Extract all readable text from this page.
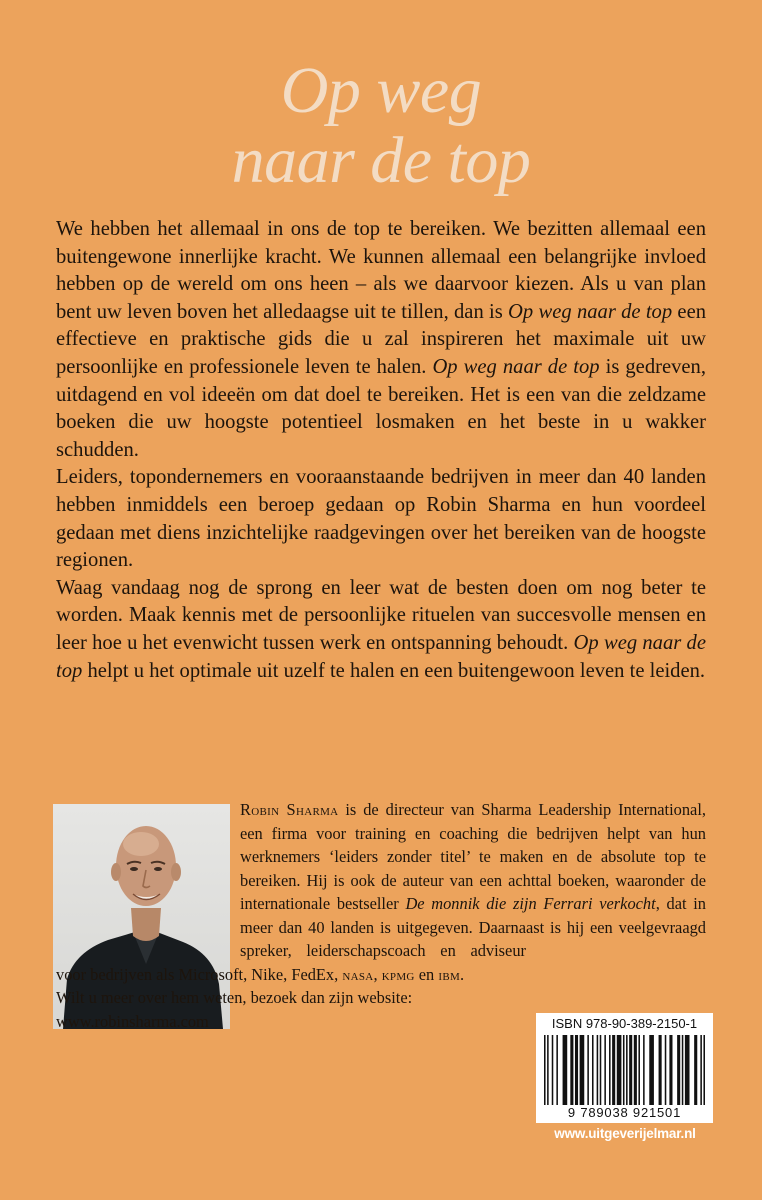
Op weg
naar de top

We hebben het allemaal in ons de top te bereiken. We bezitten allemaal een buitengewone innerlijke kracht. We kunnen allemaal een belangrijke invloed hebben op de wereld om ons heen – als we daarvoor kiezen. Als u van plan bent uw leven boven het alledaagse uit te tillen, dan is Op weg naar de top een effectieve en praktische gids die u zal inspireren het maximale uit uw persoonlijke en professionele leven te halen. Op weg naar de top is gedreven, uitdagend en vol ideeën om dat doel te bereiken. Het is een van die zeldzame boeken die uw hoogste potentieel losmaken en het beste in u wakker schudden.

Leiders, topondernemers en vooraanstaande bedrijven in meer dan 40 landen hebben inmiddels een beroep gedaan op Robin Sharma en hun voordeel gedaan met diens inzichtelijke raadgevingen over het bereiken van de hoogste regionen.

Waag vandaag nog de sprong en leer wat de besten doen om nog beter te worden. Maak kennis met de persoonlijke rituelen van succesvolle mensen en leer hoe u het evenwicht tussen werk en ontspanning behoudt. Op weg naar de top helpt u het optimale uit uzelf te halen en een buitengewoon leven te leiden.

Robin Sharma is de directeur van Sharma Leadership International, een firma voor training en coaching die bedrijven helpt van hun werknemers ‘leiders zonder titel’ te maken en de absolute top te bereiken. Hij is ook de auteur van een achttal boeken, waaronder de internationale bestseller De monnik die zijn Ferrari verkocht, dat in meer dan 40 landen is uitgegeven. Daarnaast is hij een veelgevraagd spreker, leiderschapscoach en adviseur voor bedrijven als Microsoft, Nike, FedEx, nasa, kpmg en ibm.

Wilt u meer over hem weten, bezoek dan zijn website:

www.robinsharma.com	ISBN 978-90-389-2150-1
9 789038 921501
www.uitgeverijelmar.nl
